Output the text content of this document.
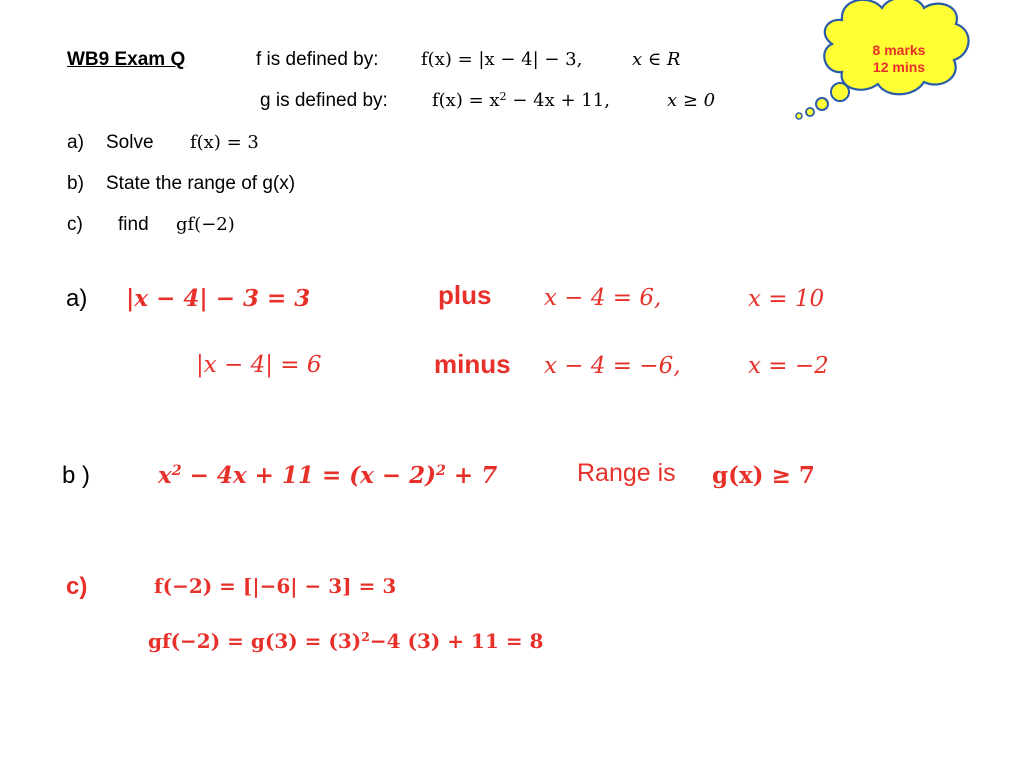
8 marks
12 mins
WB9 Exam Q	f is defined by: f(x) = |x − 4| − 3,	x ∈ R
g is defined by: $f(x) = x^2 - 4x + 11$,	x ≥ 0
a) Solve f(x) = 3
b) State the range of g(x)
c) find gf(−2)
a) |x − 4| − 3 = 3
|x − 4| = 6
plus x − 4 = 6,	x = 10
minus x − 4 = −6,	x = −2
b )	$x^2 - 4x + 11 = (x - 2)^2 + 7$	Range is g(x) ≥ 7
c)	f(−2) = [|−6| − 3] = 3
$gf(-2) = g(3) = (3)^2-4$ (3) + 11 = 8
